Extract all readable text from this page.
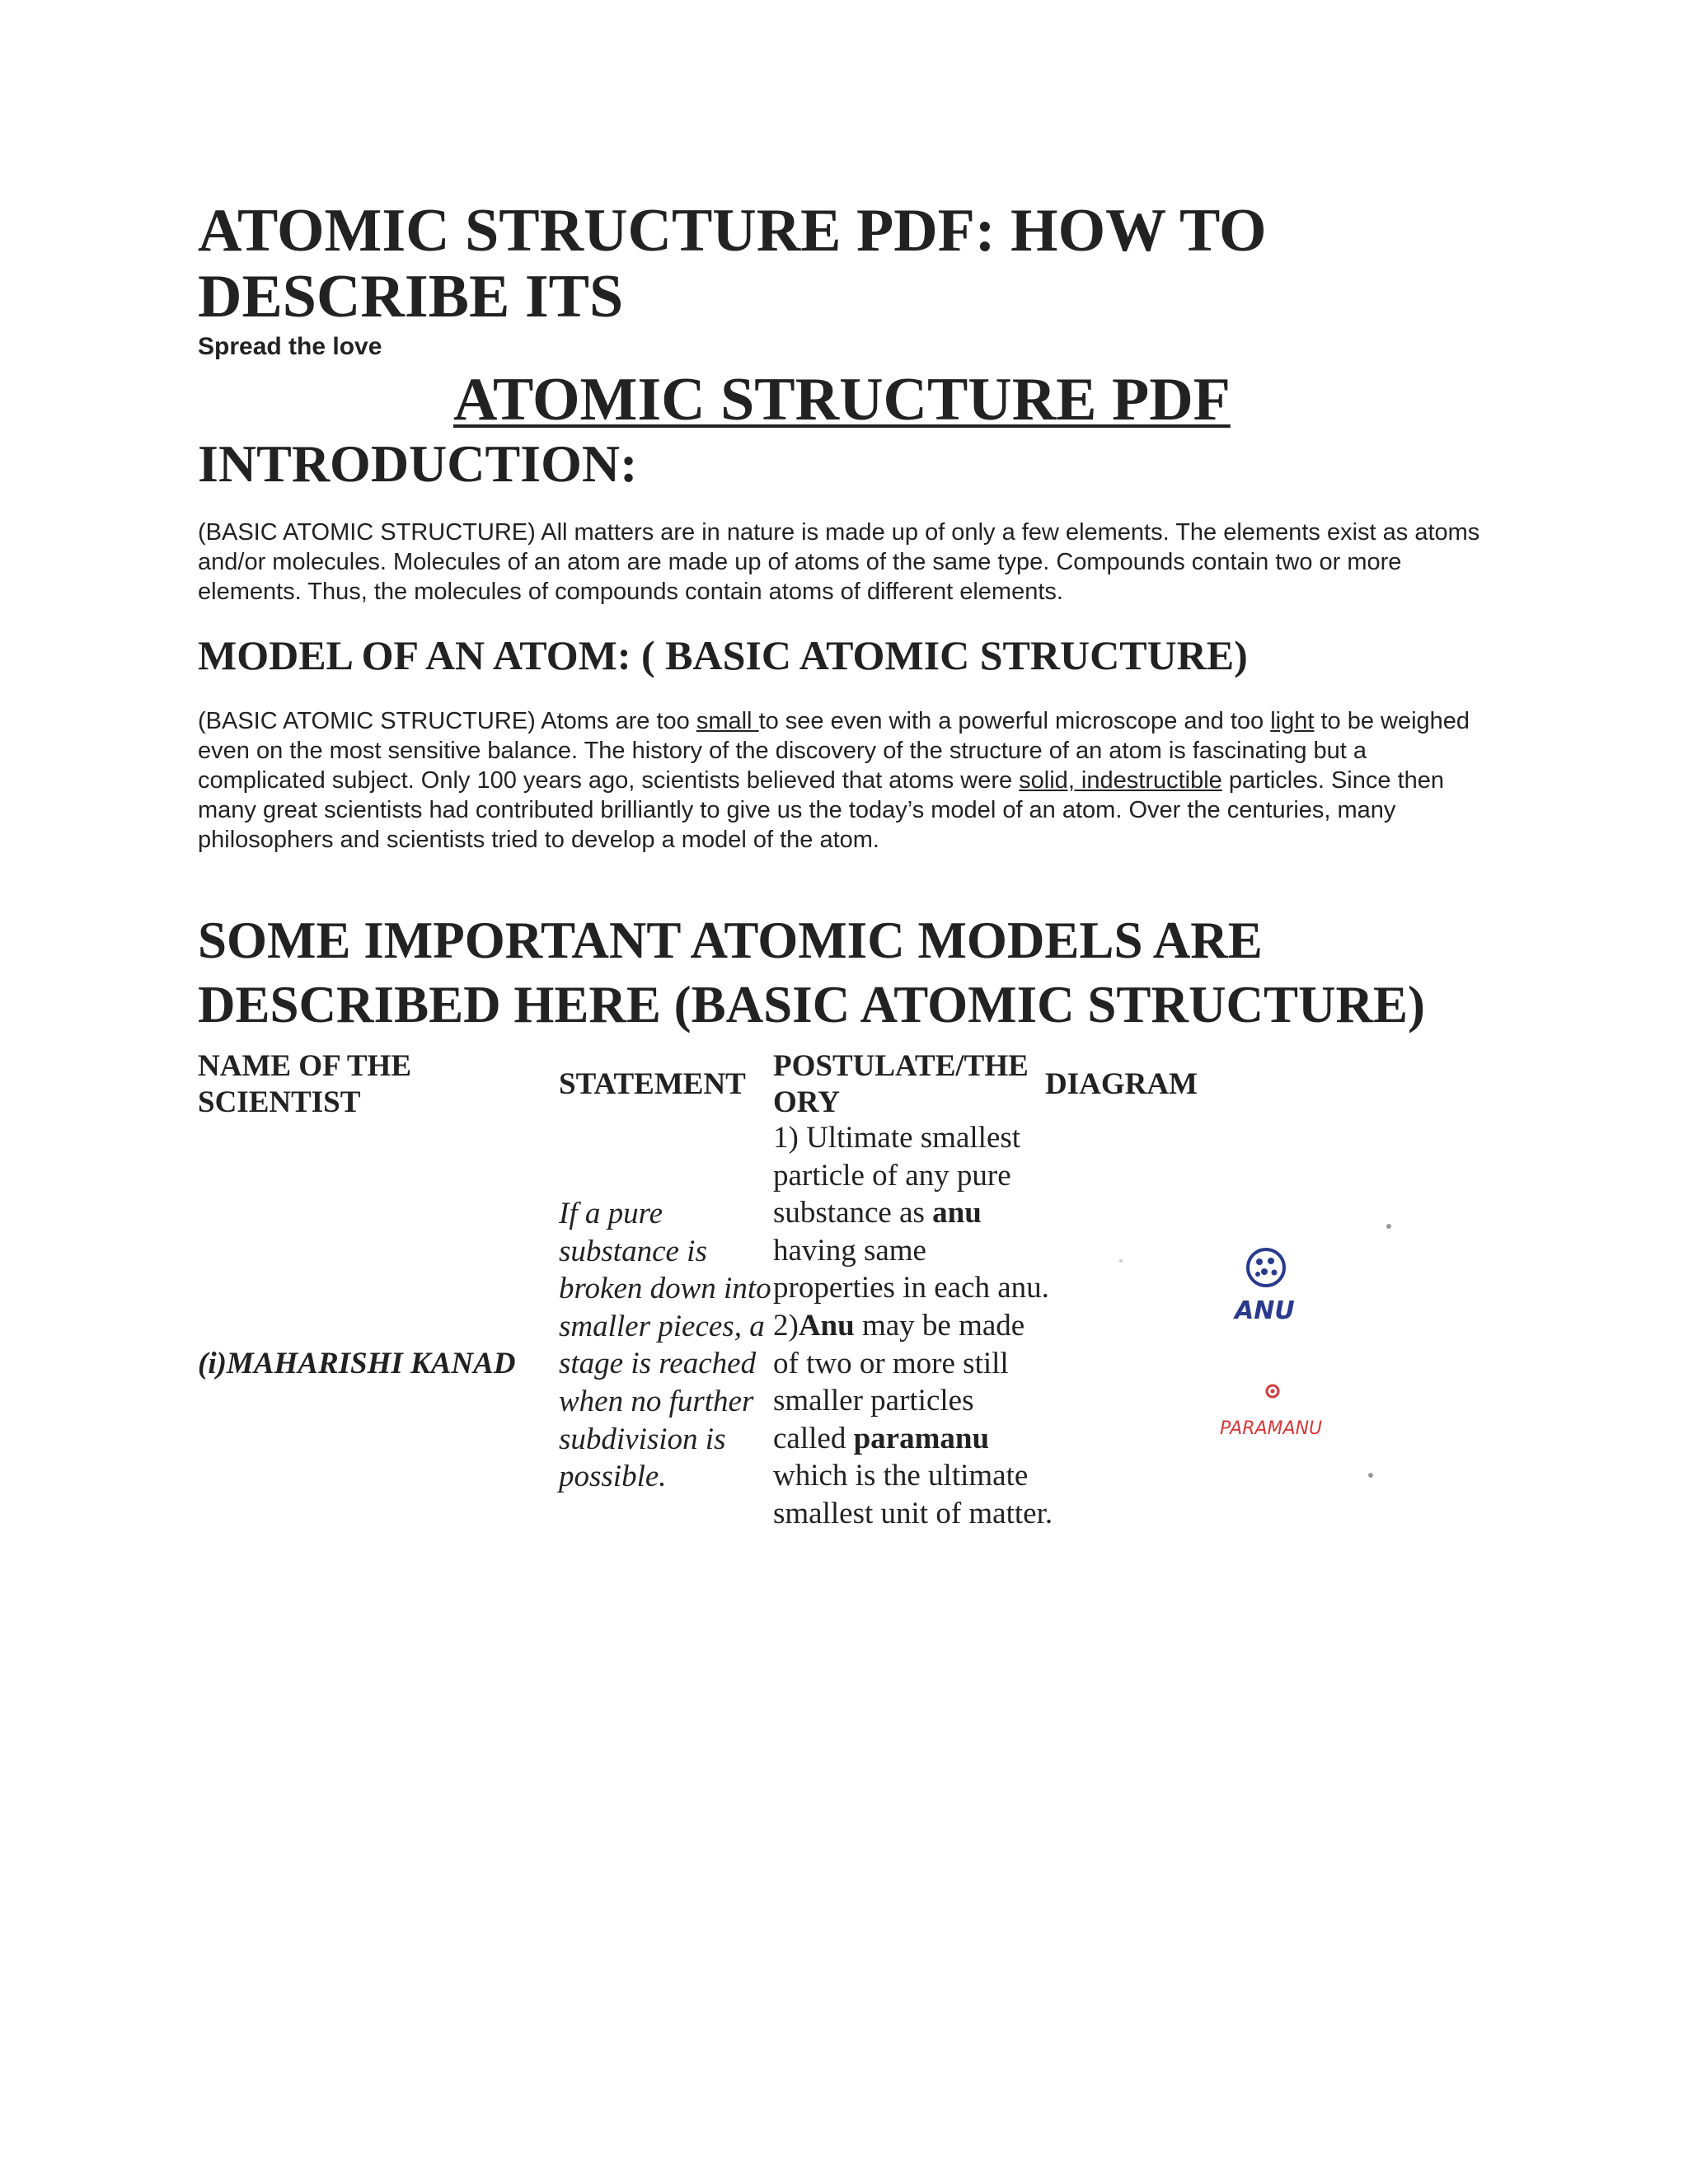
ATOMIC STRUCTURE PDF: HOW TO DESCRIBE ITS

Spread the love

ATOMIC STRUCTURE PDF
INTRODUCTION:

(BASIC ATOMIC STRUCTURE) All matters are in nature is made up of only a few elements. The elements exist as atoms and/or molecules. Molecules of an atom are made up of atoms of the same type. Compounds contain two or more elements. Thus, the molecules of compounds contain atoms of different elements.

MODEL OF AN ATOM: ( BASIC ATOMIC STRUCTURE)

(BASIC ATOMIC STRUCTURE) Atoms are too small to see even with a powerful microscope and too light to be weighed even on the most sensitive balance. The history of the discovery of the structure of an atom is fascinating but a complicated subject. Only 100 years ago, scientists believed that atoms were solid, indestructible particles. Since then many great scientists had contributed brilliantly to give us the today’s model of an atom. Over the centuries, many philosophers and scientists tried to develop a model of the atom.

SOME IMPORTANT ATOMIC MODELS ARE DESCRIBED HERE (BASIC ATOMIC STRUCTURE)
NAME OF THE SCIENTIST
STATEMENT
POSTULATE/THEORY
DIAGRAM
(i)MAHARISHI KANAD
If a pure substance is broken down into smaller pieces, a stage is reached when no further subdivision is possible.
1) Ultimate smallest particle of any pure substance as anu having same properties in each anu.
2)Anu may be made of two or more still smaller particles called paramanu which is the ultimate smallest unit of matter.
ANU
PARAMANU
